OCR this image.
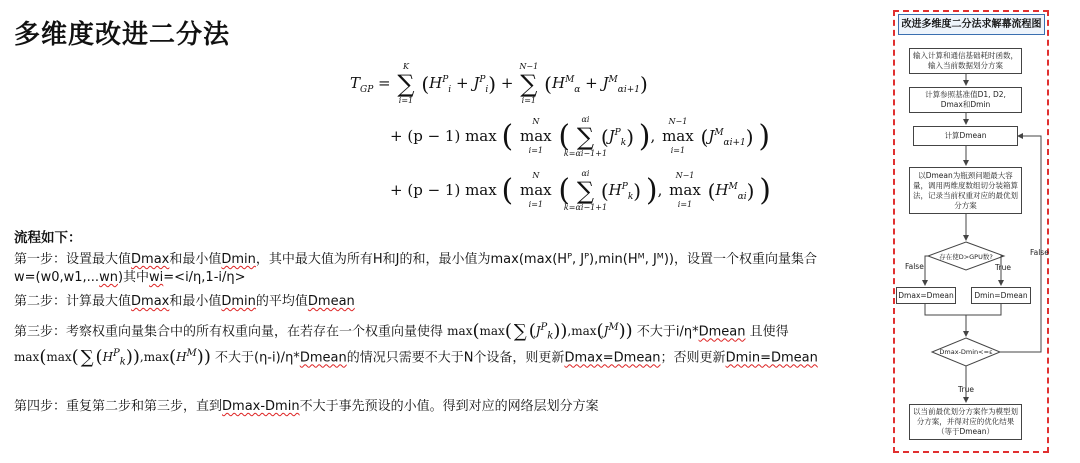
多维度改进二分法
$T_{GP}$ =
K
∑
i=1
$(H^P_i + J^P_i)$ +
N−1
∑
i=1
$(H^M_\alpha + J^M_{\alpha i+1})$
+ (p − 1) max ( N
max
i=1 ( αi
∑
k=αi−1+1
$(J^P_k)$ ),
N−1
max
i=1
$(J^M_{\alpha i+1})$ )
+ (p − 1) max ( N
max
i=1 ( αi
∑
k=αi−1+1
$(H^P_k)$ ),
N−1
max
i=1
$(H^M_{\alpha i})$ )
流程如下：
第一步：设置最大值Dmax和最小值Dmin，其中最大值为所有H和J的和，最小值为max(max(Hᴾ, Jᴾ),min(Hᴹ, Jᴹ))，设置一个权重向量集合
w=(w0,w1,...wn)其中wi=<i/η,1-i/η>
第二步：计算最大值Dmax和最小值Dmin的平均值Dmean
第三步：考察权重向量集合中的所有权重向量，在若存在一个权重向量使得 max(max( ∑ $(J^P_k)),\max(J^M)$) 不大于i/η*Dmean 且使得
max(max( ∑ $(H^P_k)),\max(H^M)$) 不大于(η-i)/η*Dmean的情况只需要不大于N个设备，则更新Dmax=Dmean；否则更新Dmin=Dmean
第四步：重复第二步和第三步，直到Dmax-Dmin不大于事先预设的小值。得到对应的网络层划分方案
改进多维度二分法求解幕流程图
输入计算和通信基础耗时函数，输入当前数据划分方案
计算参照基准值D1, D2, Dmax和Dmin
计算Dmean
以Dmean为瓶颈问题最大容量，调用两维度数组切分装箱算法，记录当前权重对应的最优划分方案
存在使D>GPU数?
False	True
Dmax=Dmean	Dmin=Dmean
Dmax-Dmin<=ε
False
True
以当前最优划分方案作为模型划分方案，并得对应的优化结果（等于Dmean）
